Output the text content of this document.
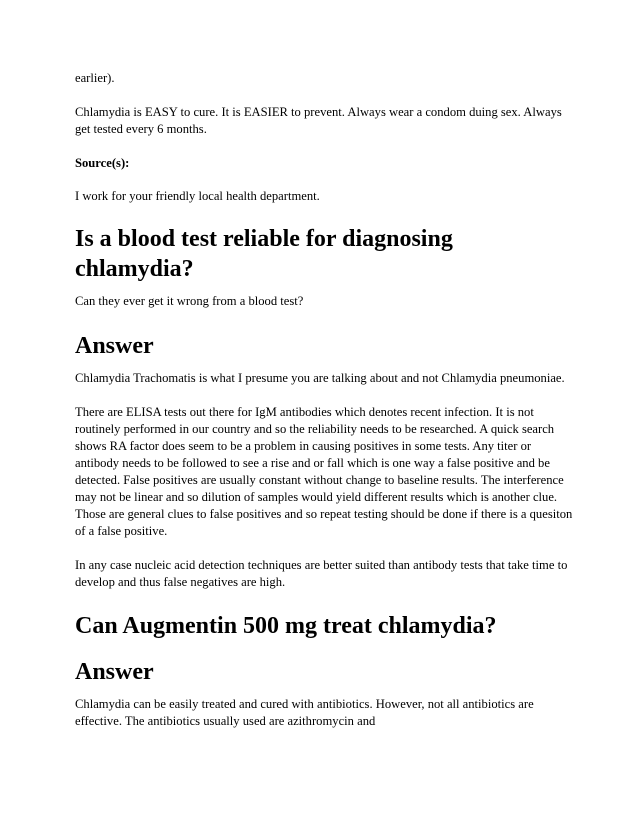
earlier).

Chlamydia is EASY to cure. It is EASIER to prevent. Always wear a condom duing sex. Always get tested every 6 months.

Source(s):

I work for your friendly local health department.

Is a blood test reliable for diagnosing chlamydia?

Can they ever get it wrong from a blood test?

Answer

Chlamydia Trachomatis is what I presume you are talking about and not Chlamydia pneumoniae.

There are ELISA tests out there for IgM antibodies which denotes recent infection. It is not routinely performed in our country and so the reliability needs to be researched. A quick search shows RA factor does seem to be a problem in causing positives in some tests. Any titer or antibody needs to be followed to see a rise and or fall which is one way a false positive and be detected. False positives are usually constant without change to baseline results. The interference may not be linear and so dilution of samples would yield different results which is another clue. Those are general clues to false positives and so repeat testing should be done if there is a quesiton of a false positive.

In any case nucleic acid detection techniques are better suited than antibody tests that take time to develop and thus false negatives are high.

Can Augmentin 500 mg treat chlamydia?
Answer

Chlamydia can be easily treated and cured with antibiotics. However, not all antibiotics are effective. The antibiotics usually used are azithromycin and
